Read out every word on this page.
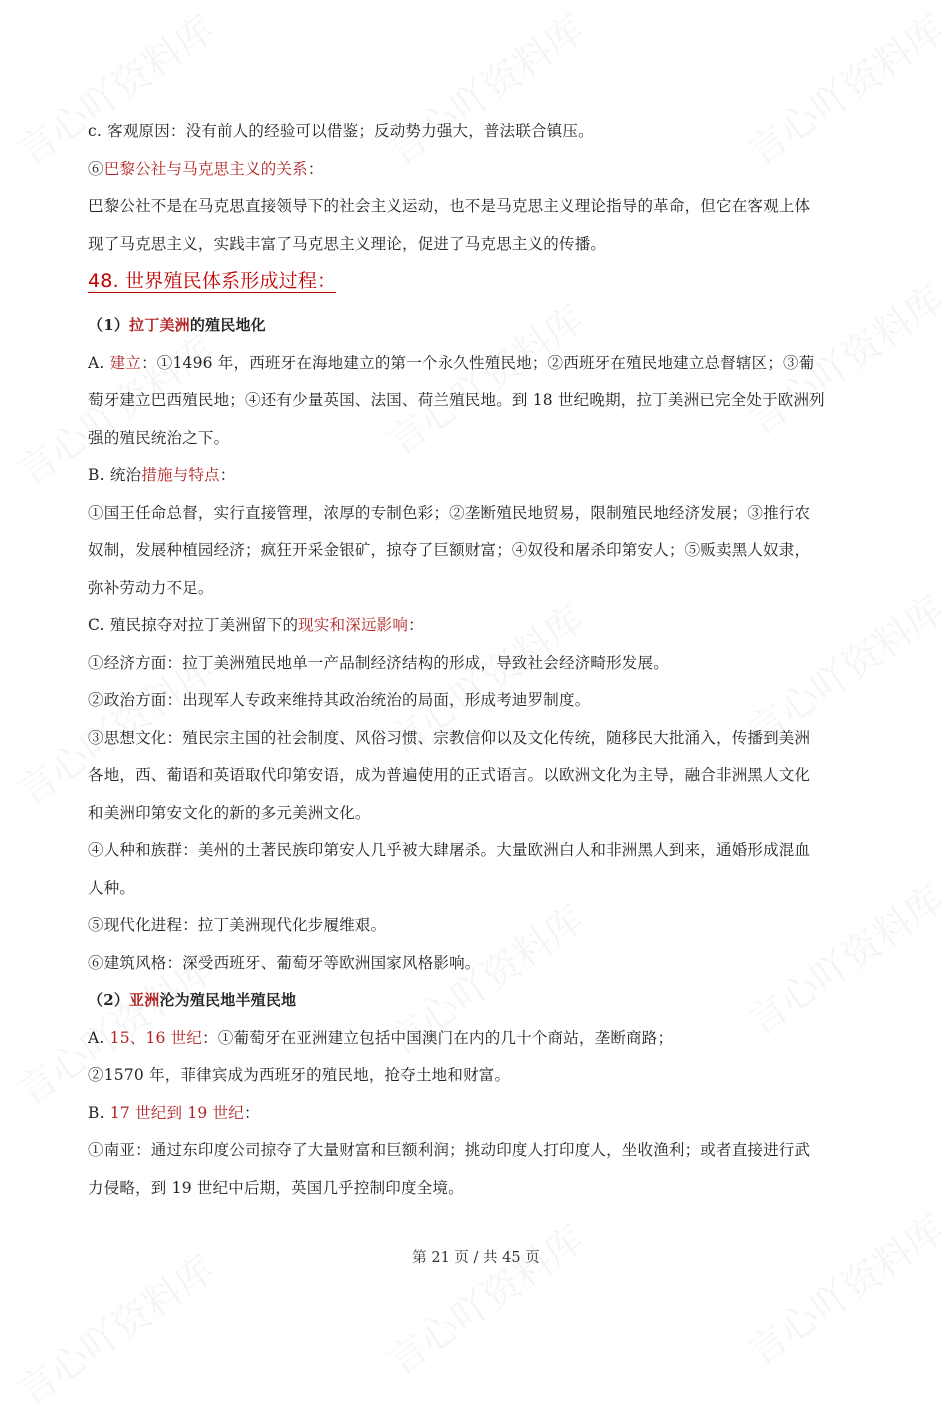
c. 客观原因：没有前人的经验可以借鉴；反动势力强大，普法联合镇压。
⑥巴黎公社与马克思主义的关系：
巴黎公社不是在马克思直接领导下的社会主义运动，也不是马克思主义理论指导的革命，但它在客观上体
现了马克思主义，实践丰富了马克思主义理论，促进了马克思主义的传播。
48. 世界殖民体系形成过程：
（1）拉丁美洲的殖民地化
A. 建立：①1496 年，西班牙在海地建立的第一个永久性殖民地；②西班牙在殖民地建立总督辖区；③葡
萄牙建立巴西殖民地；④还有少量英国、法国、荷兰殖民地。到 18 世纪晚期，拉丁美洲已完全处于欧洲列
强的殖民统治之下。
B. 统治措施与特点：
①国王任命总督，实行直接管理，浓厚的专制色彩；②垄断殖民地贸易，限制殖民地经济发展；③推行农
奴制，发展种植园经济；疯狂开采金银矿，掠夺了巨额财富；④奴役和屠杀印第安人；⑤贩卖黑人奴隶，
弥补劳动力不足。
C. 殖民掠夺对拉丁美洲留下的现实和深远影响：
①经济方面：拉丁美洲殖民地单一产品制经济结构的形成，导致社会经济畸形发展。
②政治方面：出现军人专政来维持其政治统治的局面，形成考迪罗制度。
③思想文化：殖民宗主国的社会制度、风俗习惯、宗教信仰以及文化传统，随移民大批涌入，传播到美洲
各地，西、葡语和英语取代印第安语，成为普遍使用的正式语言。以欧洲文化为主导，融合非洲黑人文化
和美洲印第安文化的新的多元美洲文化。
④人种和族群：美州的土著民族印第安人几乎被大肆屠杀。大量欧洲白人和非洲黑人到来，通婚形成混血
人种。
⑤现代化进程：拉丁美洲现代化步履维艰。
⑥建筑风格：深受西班牙、葡萄牙等欧洲国家风格影响。
（2）亚洲沦为殖民地半殖民地
A. 15、16 世纪：①葡萄牙在亚洲建立包括中国澳门在内的几十个商站，垄断商路；
②1570 年，菲律宾成为西班牙的殖民地，抢夺土地和财富。
B. 17 世纪到 19 世纪：
①南亚：通过东印度公司掠夺了大量财富和巨额利润；挑动印度人打印度人，坐收渔利；或者直接进行武
力侵略，到 19 世纪中后期，英国几乎控制印度全境。
第 21 页 / 共 45 页
